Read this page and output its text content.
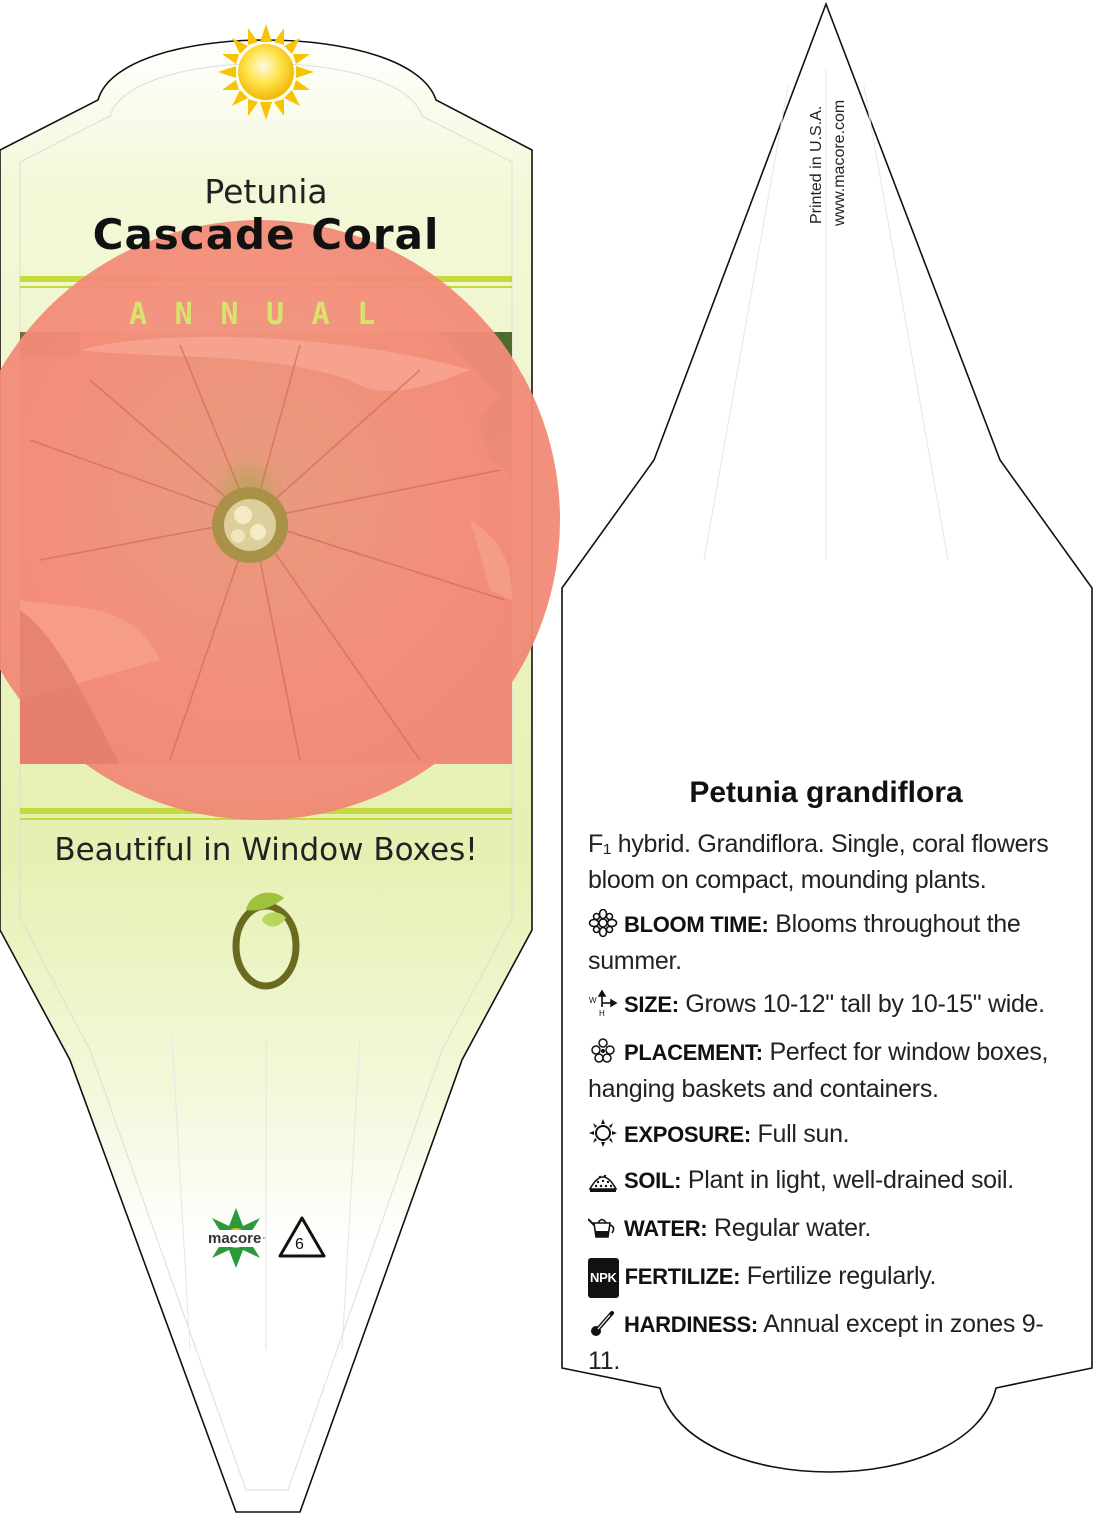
Petunia
Cascade Coral
ANNUAL
Beautiful in Window Boxes!
macore 6
Printed in U.S.A. www.macore.com
Petunia grandiflora
F₁ hybrid. Grandiflora. Single, coral flowers bloom on compact, mounding plants.
BLOOM TIME: Blooms throughout the summer.
W
H SIZE: Grows 10-12" tall by 10-15" wide.
PLACEMENT: Perfect for window boxes, hanging baskets and containers.
EXPOSURE: Full sun.
SOIL: Plant in light, well-drained soil.
WATER: Regular water.
NPK FERTILIZE: Fertilize regularly.
HARDINESS: Annual except in zones 9-11.
